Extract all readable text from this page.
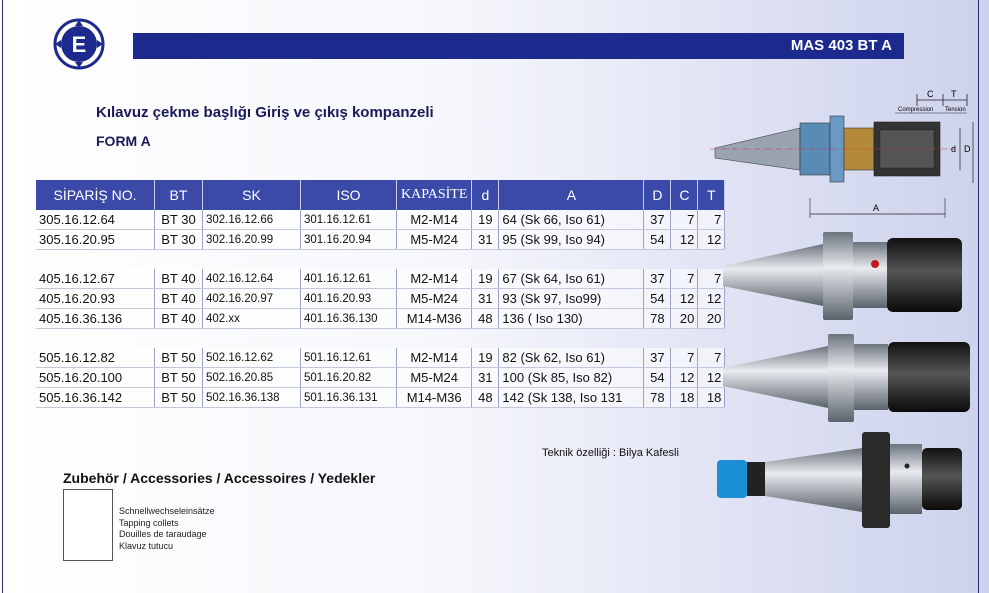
E	MAS 403 BT A
Kılavuz çekme başlığı Giriş ve çıkış kompanzeli
FORM A
SİPARİŞ NO.	BT	SK	ISO	KAPASİTE	d	A	D	C	T
305.16.12.64	BT 30	302.16.12.66	301.16.12.61	M2-M14	19	64 (Sk 66, Iso 61)	37	7	7
305.16.20.95	BT 30	302.16.20.99	301.16.20.94	M5-M24	31	95 (Sk 99, Iso 94)	54	12	12

405.16.12.67	BT 40	402.16.12.64	401.16.12.61	M2-M14	19	67 (Sk 64, Iso 61)	37	7	7
405.16.20.93	BT 40	402.16.20.97	401.16.20.93	M5-M24	31	93 (Sk 97, Iso99)	54	12	12
405.16.36.136	BT 40	402.xx	401.16.36.130	M14-M36	48	136 ( Iso 130)	78	20	20

505.16.12.82	BT 50	502.16.12.62	501.16.12.61	M2-M14	19	82 (Sk 62, Iso 61)	37	7	7
505.16.20.100	BT 50	502.16.20.85	501.16.20.82	M5-M24	31	100 (Sk 85, Iso 82)	54	12	12
505.16.36.142	BT 50	502.16.36.138	501.16.36.131	M14-M36	48	142 (Sk 138, Iso 131	78	18	18
C T
Compression Tension
d D
A
Teknik özelliği : Bilya Kafesli
Zubehör / Accessories / Accessoires / Yedekler
Schnellwechseleinsätze
Tapping collets
Douilles de taraudage
Klavuz tutucu
